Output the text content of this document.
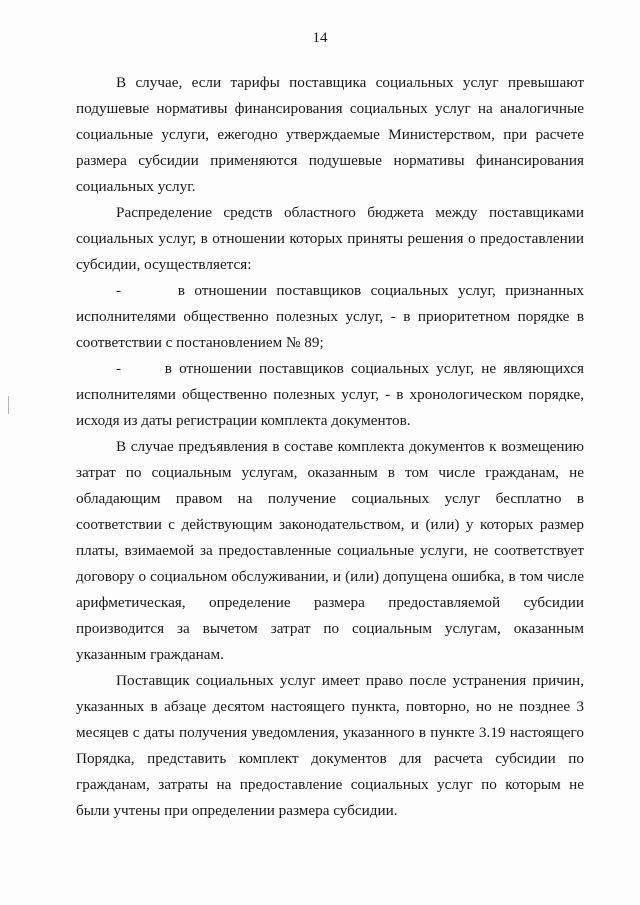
14

В случае, если тарифы поставщика социальных услуг превышают подушевые нормативы финансирования социальных услуг на аналогичные социальные услуги, ежегодно утверждаемые Министерством, при расчете размера субсидии применяются подушевые нормативы финансирования социальных услуг.

Распределение средств областного бюджета между поставщиками социальных услуг, в отношении которых приняты решения о предоставлении субсидии, осуществляется:

-      в отношении поставщиков социальных услуг, признанных исполнителями общественно полезных услуг, - в приоритетном порядке в соответствии с постановлением № 89;

-      в отношении поставщиков социальных услуг, не являющихся исполнителями общественно полезных услуг, - в хронологическом порядке, исходя из даты регистрации комплекта документов.

В случае предъявления в составе комплекта документов к возмещению затрат по социальным услугам, оказанным в том числе гражданам, не обладающим правом на получение социальных услуг бесплатно в соответствии с действующим законодательством, и (или) у которых размер платы, взимаемой за предоставленные социальные услуги, не соответствует договору о социальном обслуживании, и (или) допущена ошибка, в том числе арифметическая, определение размера предоставляемой субсидии производится за вычетом затрат по социальным услугам, оказанным указанным гражданам.

Поставщик социальных услуг имеет право после устранения причин, указанных в абзаце десятом настоящего пункта, повторно, но не позднее 3 месяцев с даты получения уведомления, указанного в пункте 3.19 настоящего Порядка, представить комплект документов для расчета субсидии по гражданам, затраты на предоставление социальных услуг по которым не были учтены при определении размера субсидии.
